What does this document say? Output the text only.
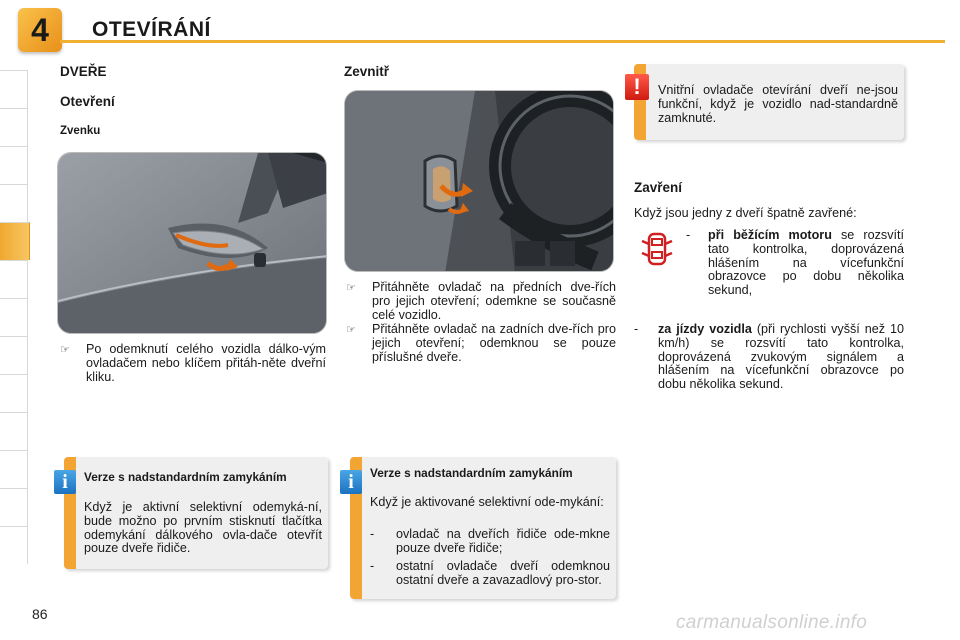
4	OTEVÍRÁNÍ
DVEŘE
Otevření
Zvenku
☞	Po odemknutí celého vozidla dálko-vým ovladačem nebo klíčem přitáh-něte dveřní kliku.
Verze s nadstandardním zamykáním
Když je aktivní selektivní odemyká-ní, bude možno po prvním stisknutí tlačítka odemykání dálkového ovla-dače otevřít pouze dveře řidiče.
i
Zevnitř
☞	Přitáhněte ovladač na předních dve-řích pro jejich otevření; odemkne se současně celé vozidlo.
☞	Přitáhněte ovladač na zadních dve-řích pro jejich otevření; odemknou se pouze příslušné dveře.
Verze s nadstandardním zamykáním
Když je aktivované selektivní ode-mykání:
-	ovladač na dveřích řidiče ode-mkne pouze dveře řidiče;
-	ostatní ovladače dveří odemknou ostatní dveře a zavazadlový pro-stor.
i
Vnitřní ovladače otevírání dveří ne-jsou funkční, když je vozidlo nad-standardně zamknuté.
!
Zavření
Když jsou jedny z dveří špatně zavřené:
-	při běžícím motoru se rozsvítí tato kontrolka, doprovázená hlášením na vícefunkční obrazovce po dobu několika sekund,
-	za jízdy vozidla (při rychlosti vyšší než 10 km/h) se rozsvítí tato kontrolka, doprovázená zvukovým signálem a hlášením na vícefunkční obrazovce po dobu několika sekund.
86	carmanualsonline.info
